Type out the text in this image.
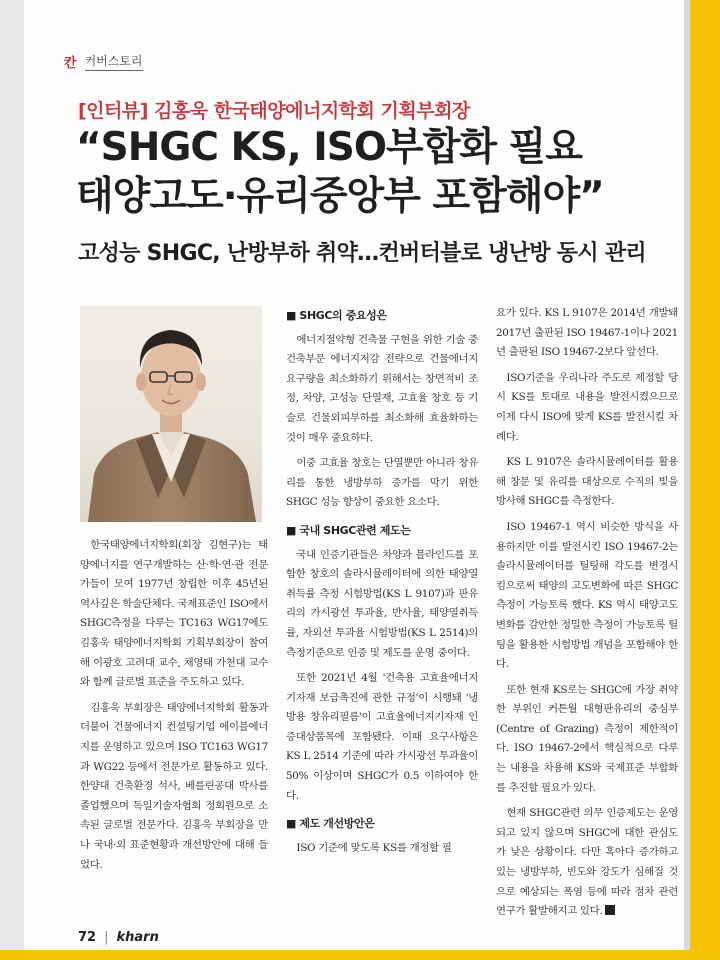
칸 커버스토리
[인터뷰] 김홍욱 한국태양에너지학회 기획부회장
“SHGC KS, ISO부합화 필요
태양고도·유리중앙부 포함해야”
고성능 SHGC, 난방부하 취약…컨버터블로 냉난방 동시 관리

한국태양에너지학회(회장 김현구)는 태양에너지를 연구개발하는 산·학·연·관 전문가들이 모여 1977년 창립한 이후 45년된 역사깊은 학술단체다. 국제표준인 ISO에서 SHGC측정을 다루는 TC163 WG17에도 김홍욱 태양에너지학회 기획부회장이 참여해 이광호 고려대 교수, 채영태 가천대 교수와 함께 글로벌 표준을 주도하고 있다.

김홍욱 부회장은 태양에너지학회 활동과 더불어 건물에너지 컨설팅기업 에이블에너지를 운영하고 있으며 ISO TC163 WG17과 WG22 등에서 전문가로 활동하고 있다. 한양대 건축환경 석사, 베를린공대 박사를 졸업했으며 독일기술자협회 정회원으로 소속된 글로벌 전문가다. 김홍욱 부회장을 만나 국내·외 표준현황과 개선방안에 대해 들었다.

■ SHGC의 중요성은

에너지절약형 건축물 구현을 위한 기술 중 건축부문 에너지저감 전략으로 건물에너지 요구량을 최소화하기 위해서는 창면적비 조정, 차양, 고성능 단열재, 고효율 창호 등 기술로 건물외피부하를 최소화해 효율화하는 것이 매우 중요하다.

이중 고효율 창호는 단열뿐만 아니라 창유리를 통한 냉방부하 증가를 막기 위한 SHGC 성능 향상이 중요한 요소다.

■ 국내 SHGC관련 제도는

국내 인증기관들은 차양과 블라인드를 포함한 창호의 솔라시뮬레이터에 의한 태양열취득률 측정 시험방법(KS L 9107)과 판유리의 가시광선 투과율, 반사율, 태양열취득률, 자외선 투과율 시험방법(KS L 2514)의 측정기준으로 인증 및 제도를 운영 중이다.

또한 2021년 4월 '건축용 고효율에너지기자재 보급촉진에 관한 규정'이 시행돼 '냉방용 창유리필름'이 고효율에너지기자재 인증대상품목에 포함됐다. 이때 요구사항은 KS L 2514 기준에 따라 가시광선 투과율이 50% 이상이며 SHGC가 0.5 이하여야 한다.

■ 제도 개선방안은

ISO 기준에 맞도록 KS를 개정할 필

요가 있다. KS L 9107은 2014년 개발돼 2017년 출판된 ISO 19467-1이나 2021년 출판된 ISO 19467-2보다 앞선다.

ISO기준을 우리나라 주도로 제정할 당시 KS를 토대로 내용을 발전시켰으므로 이제 다시 ISO에 맞게 KS를 발전시킬 차례다.

KS L 9107은 솔라시뮬레이터를 활용해 창문 및 유리를 대상으로 수직의 빛을 방사해 SHGC를 측정한다.

ISO 19467-1 역시 비슷한 방식을 사용하지만 이를 발전시킨 ISO 19467-2는 솔라시뮬레이터를 틸팅해 각도를 변경시킴으로써 태양의 고도변화에 따른 SHGC 측정이 가능토록 했다. KS 역시 태양고도 변화를 감안한 정밀한 측정이 가능토록 틸팅을 활용한 시험방법 개념을 포함해야 한다.

또한 현재 KS로는 SHGC에 가장 취약한 부위인 커튼월 대형판유리의 중심부(Centre of Grazing) 측정이 제한적이다. ISO 19467-2에서 핵심적으로 다루는 내용을 차용해 KS와 국제표준 부합화를 추진할 필요가 있다.

현재 SHGC관련 의무 인증제도는 운영되고 있지 않으며 SHGC에 대한 관심도가 낮은 상황이다. 다만 혹아다 증가하고 있는 냉방부하, 빈도와 강도가 심해질 것으로 예상되는 폭염 등에 따라 점차 관련연구가 활발해지고 있다.

72 | kharn
